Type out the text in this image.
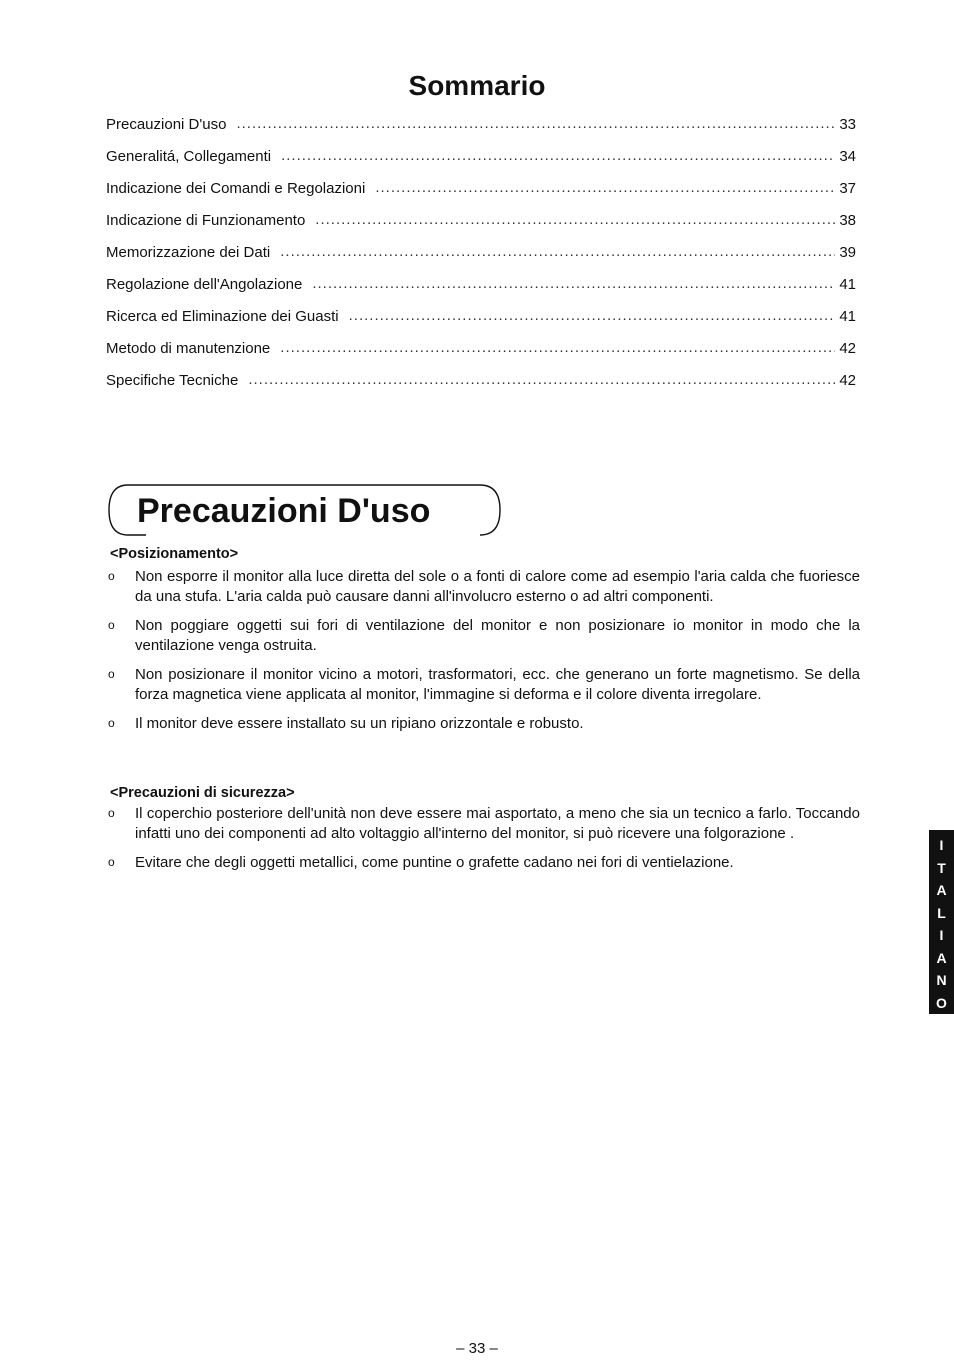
Sommario
Precauzioni D'uso .....	33
Generalitá, Collegamenti .....	34
Indicazione dei Comandi e Regolazioni .....	37
Indicazione di Funzionamento .....	38
Memorizzazione dei Dati .....	39
Regolazione dell'Angolazione .....	41
Ricerca ed Eliminazione dei Guasti .....	41
Metodo di manutenzione .....	42
Specifiche Tecniche .....	42
Precauzioni D'uso
<Posizionamento>
o	Non esporre il monitor alla luce diretta del sole o a fonti di calore come ad esempio l'aria calda che fuoriesce da una stufa. L'aria calda può causare danni all'involucro esterno o ad altri componenti.
o	Non poggiare oggetti sui fori di ventilazione del monitor e non posizionare io monitor in modo che la ventilazione venga ostruita.
o	Non posizionare il monitor vicino a motori, trasformatori, ecc. che generano un forte magnetismo. Se della forza magnetica viene applicata al monitor, l'immagine si deforma e il colore diventa irregolare.
o	Il monitor deve essere installato su un ripiano orizzontale e robusto.
<Precauzioni di sicurezza>
o	Il coperchio posteriore dell'unità non deve essere mai asportato, a meno che sia un tecnico a farlo. Toccando infatti uno dei componenti ad alto voltaggio all'interno del monitor, si può ricevere una folgorazione .
o	Evitare che degli oggetti metallici, come puntine o grafette cadano nei fori di ventielazione.
I
T
A
L
I
A
N
O
– 33 –
